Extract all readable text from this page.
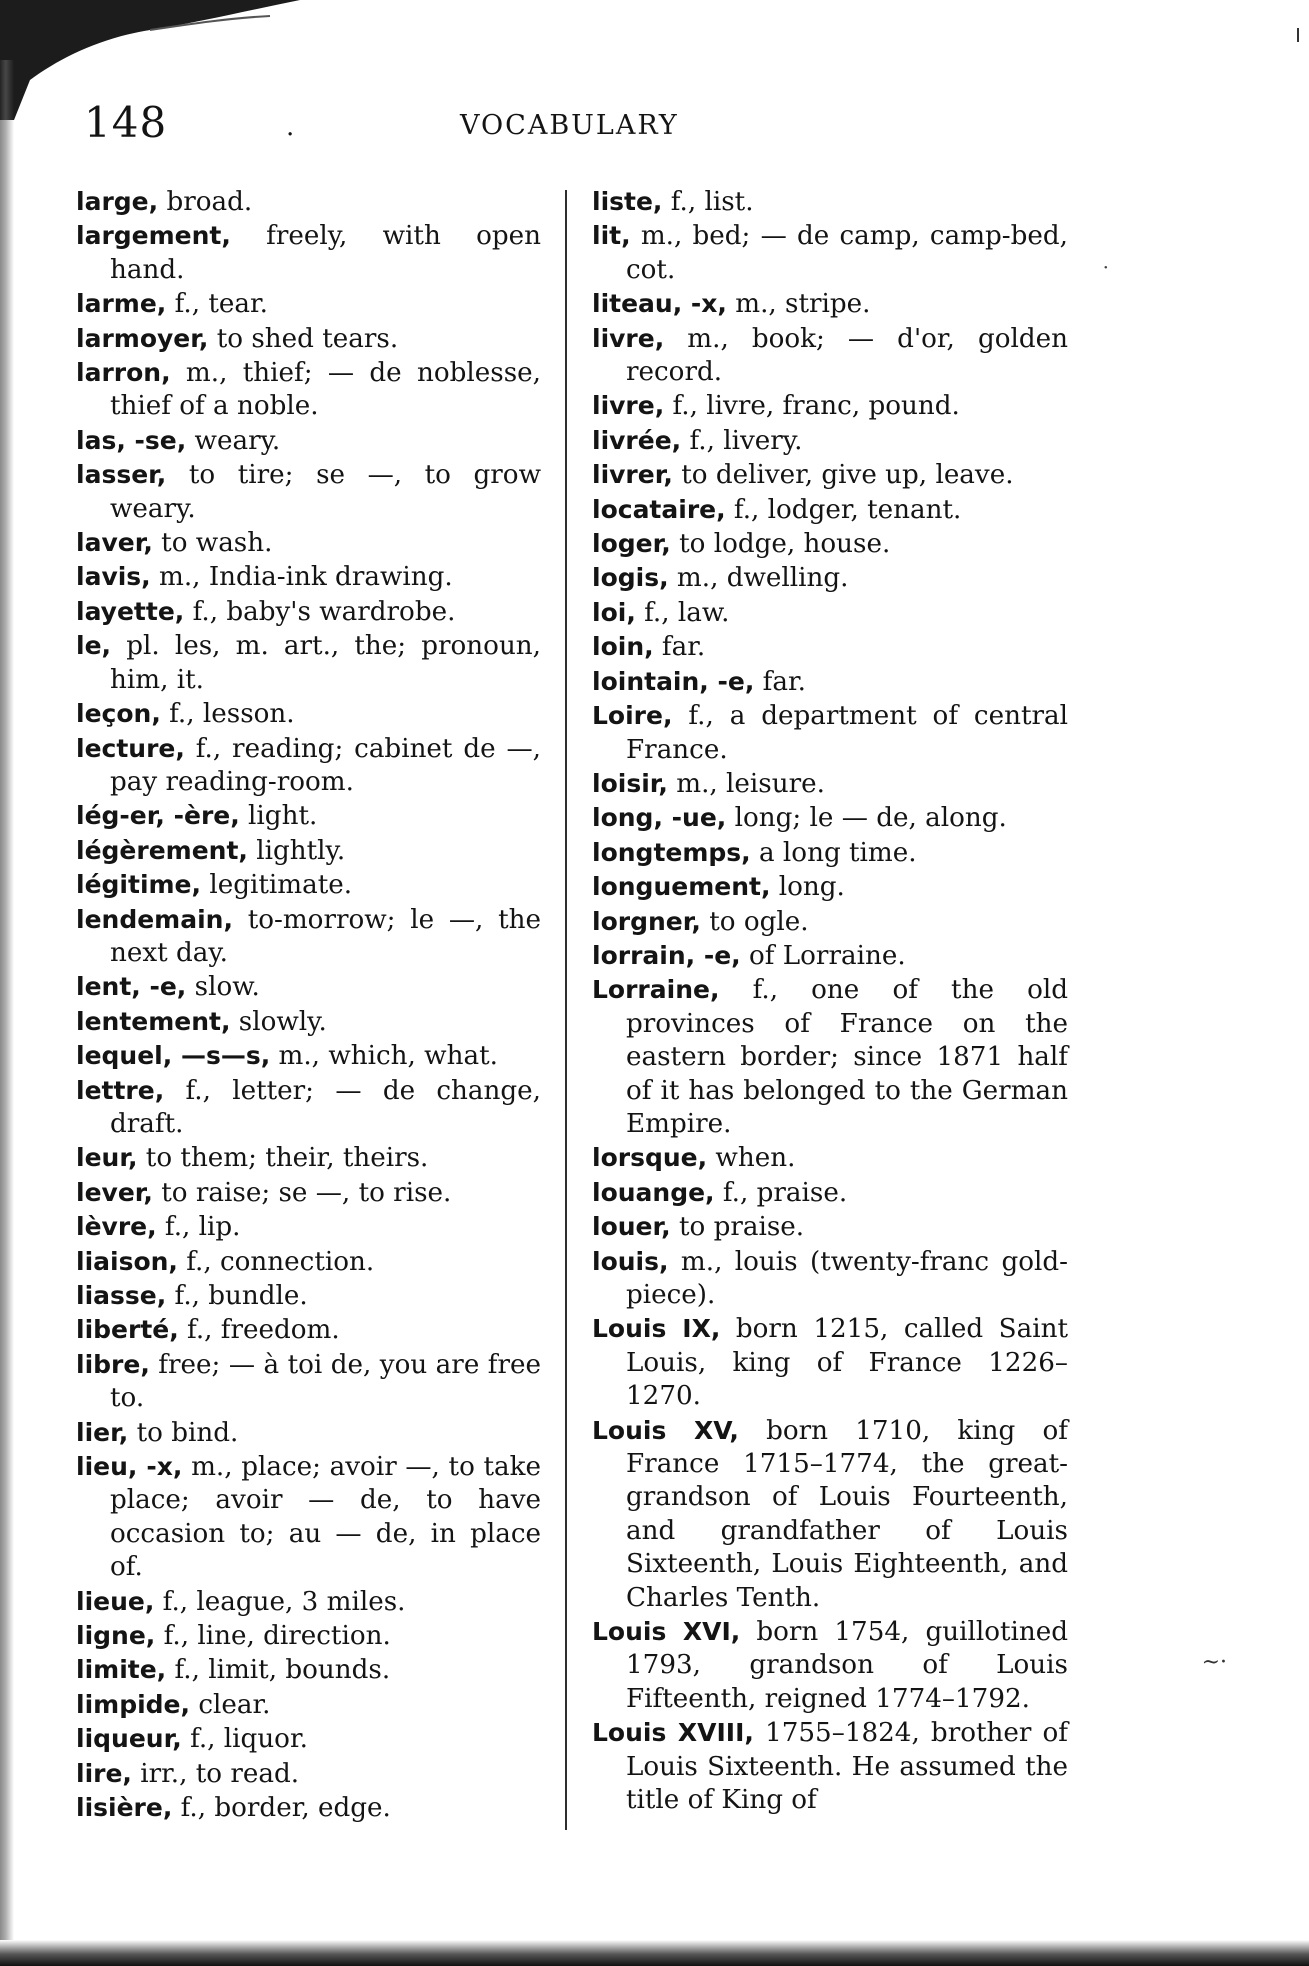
148	.	VOCABULARY

large, broad.

largement, freely, with open hand.

larme, f., tear.

larmoyer, to shed tears.

larron, m., thief; — de noblesse, thief of a noble.

las, -se, weary.

lasser, to tire; se —, to grow weary.

laver, to wash.

lavis, m., India-ink drawing.

layette, f., baby's wardrobe.

le, pl. les, m. art., the; pronoun, him, it.

leçon, f., lesson.

lecture, f., reading; cabinet de —, pay reading-room.

lég-er, -ère, light.

légèrement, lightly.

légitime, legitimate.

lendemain, to-morrow; le —, the next day.

lent, -e, slow.

lentement, slowly.

lequel, —s—s, m., which, what.

lettre, f., letter; — de change, draft.

leur, to them; their, theirs.

lever, to raise; se —, to rise.

lèvre, f., lip.

liaison, f., connection.

liasse, f., bundle.

liberté, f., freedom.

libre, free; — à toi de, you are free to.

lier, to bind.

lieu, -x, m., place; avoir —, to take place; avoir — de, to have occasion to; au — de, in place of.

lieue, f., league, 3 miles.

ligne, f., line, direction.

limite, f., limit, bounds.

limpide, clear.

liqueur, f., liquor.

lire, irr., to read.

lisière, f., border, edge.

liste, f., list.

lit, m., bed; — de camp, camp-bed, cot.

liteau, -x, m., stripe.

livre, m., book; — d'or, golden record.

livre, f., livre, franc, pound.

livrée, f., livery.

livrer, to deliver, give up, leave.

locataire, f., lodger, tenant.

loger, to lodge, house.

logis, m., dwelling.

loi, f., law.

loin, far.

lointain, -e, far.

Loire, f., a department of central France.

loisir, m., leisure.

long, -ue, long; le — de, along.

longtemps, a long time.

longuement, long.

lorgner, to ogle.

lorrain, -e, of Lorraine.

Lorraine, f., one of the old provinces of France on the eastern border; since 1871 half of it has belonged to the German Empire.

lorsque, when.

louange, f., praise.

louer, to praise.

louis, m., louis (twenty-franc gold-piece).

Louis IX, born 1215, called Saint Louis, king of France 1226–1270.

Louis XV, born 1710, king of France 1715–1774, the great-grandson of Louis Fourteenth, and grandfather of Louis Sixteenth, Louis Eighteenth, and Charles Tenth.

Louis XVI, born 1754, guillotined 1793, grandson of Louis Fifteenth, reigned 1774–1792.

Louis XVIII, 1755–1824, brother of Louis Sixteenth. He assumed the title of King of

·
~·
